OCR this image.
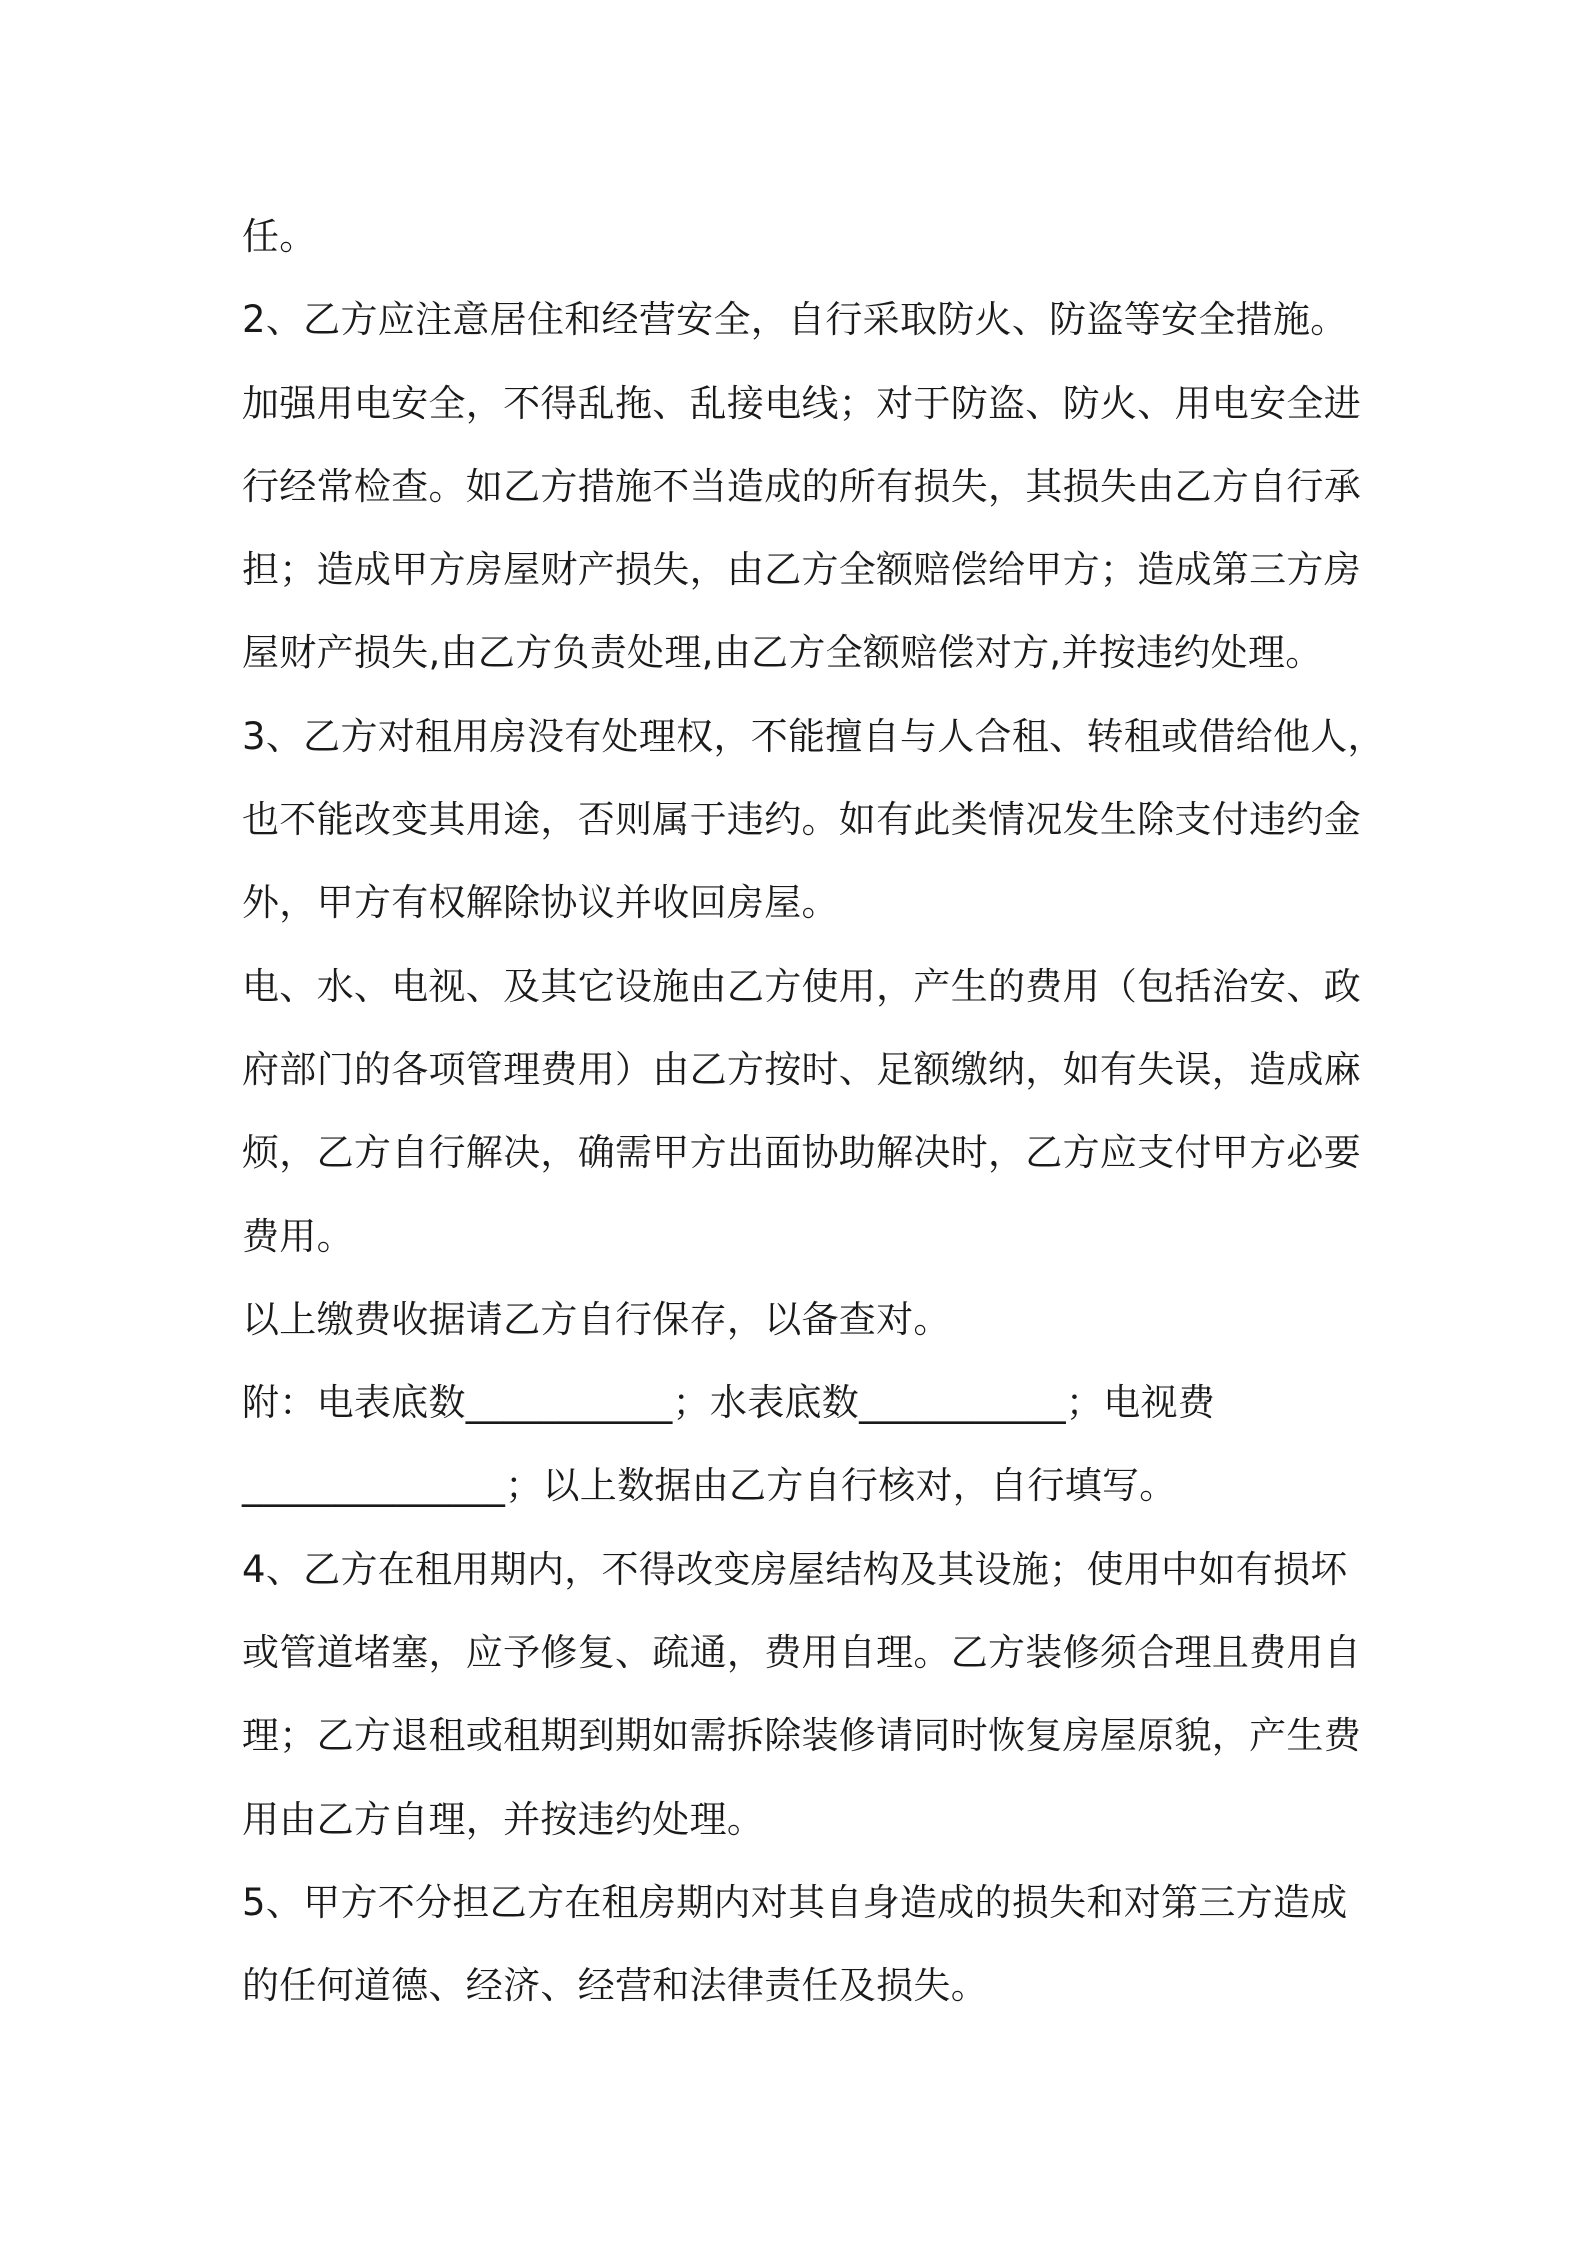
任。
2、乙方应注意居住和经营安全，自行采取防火、防盗等安全措施。
加强用电安全，不得乱拖、乱接电线；对于防盗、防火、用电安全进
行经常检查。如乙方措施不当造成的所有损失，其损失由乙方自行承
担；造成甲方房屋财产损失，由乙方全额赔偿给甲方；造成第三方房
屋财产损失,由乙方负责处理,由乙方全额赔偿对方,并按违约处理。
3、乙方对租用房没有处理权，不能擅自与人合租、转租或借给他人，
也不能改变其用途，否则属于违约。如有此类情况发生除支付违约金
外，甲方有权解除协议并收回房屋。
电、水、电视、及其它设施由乙方使用，产生的费用（包括治安、政
府部门的各项管理费用）由乙方按时、足额缴纳，如有失误，造成麻
烦，乙方自行解决，确需甲方出面协助解决时，乙方应支付甲方必要
费用。
以上缴费收据请乙方自行保存，以备查对。
附：电表底数___________；水表底数___________；电视费
______________；以上数据由乙方自行核对，自行填写。
4、乙方在租用期内，不得改变房屋结构及其设施；使用中如有损坏
或管道堵塞，应予修复、疏通，费用自理。乙方装修须合理且费用自
理；乙方退租或租期到期如需拆除装修请同时恢复房屋原貌，产生费
用由乙方自理，并按违约处理。
5、甲方不分担乙方在租房期内对其自身造成的损失和对第三方造成
的任何道德、经济、经营和法律责任及损失。
